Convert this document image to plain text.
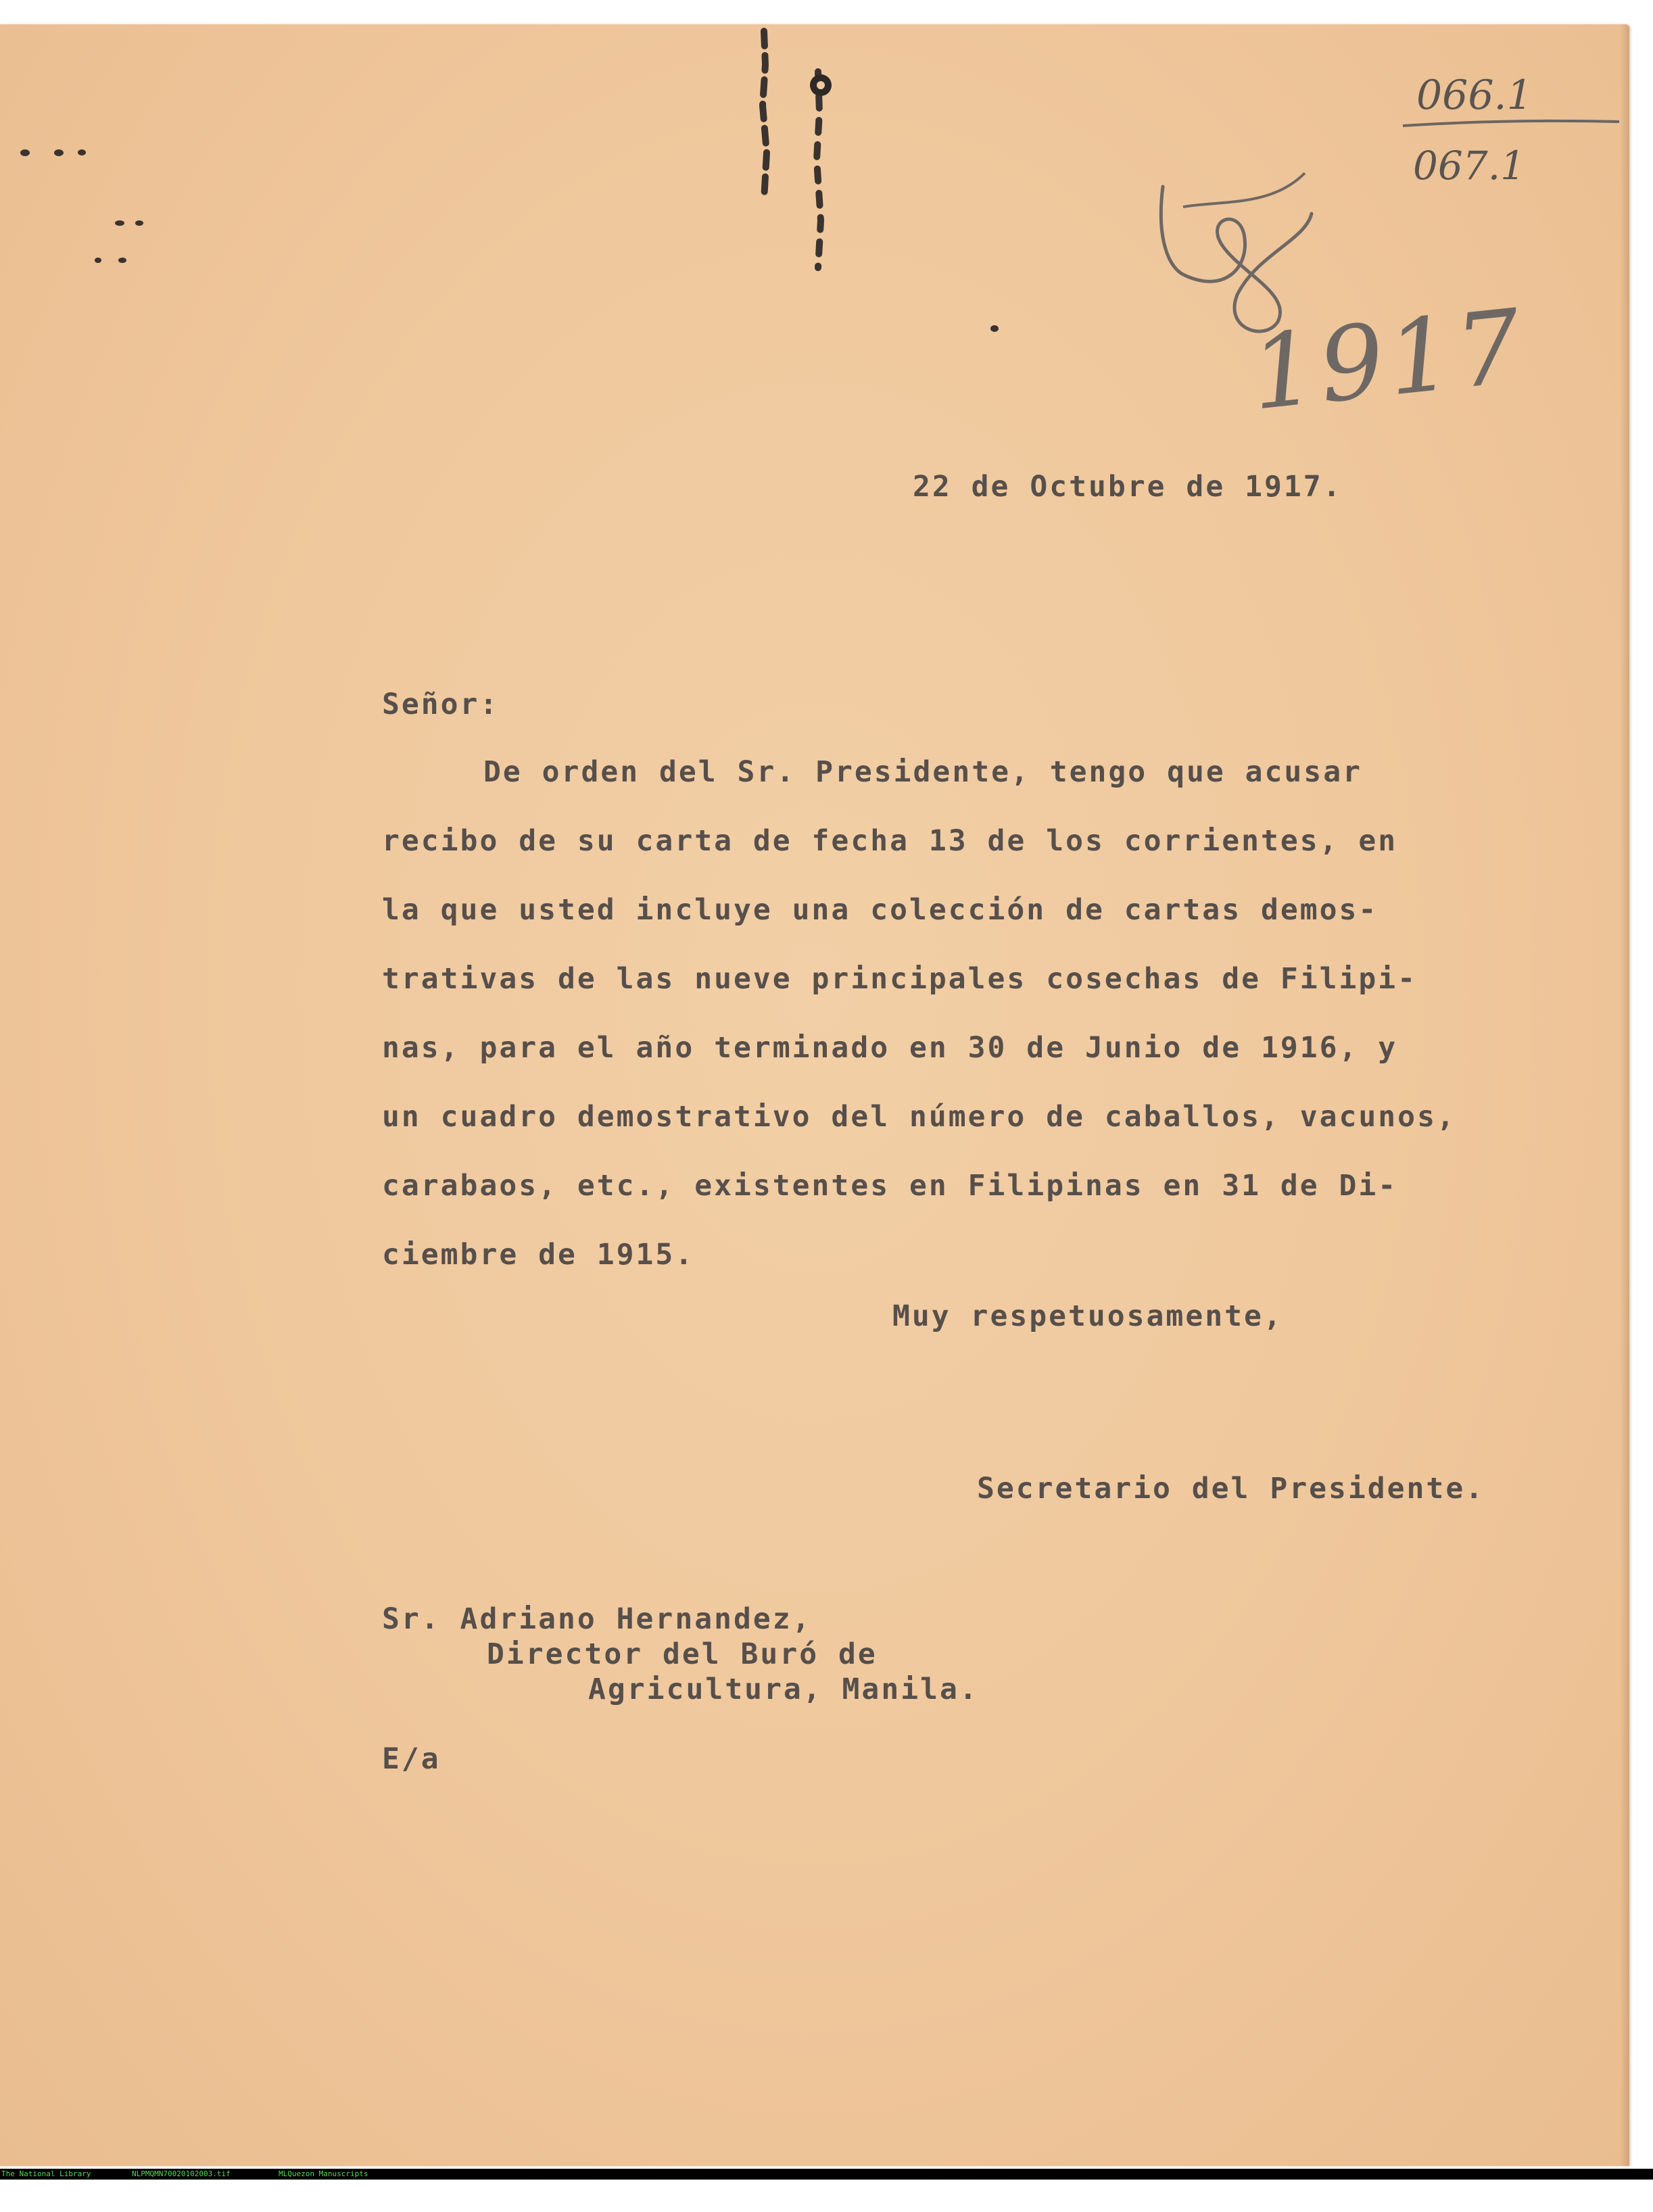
066.1
067.1
1917
22 de Octubre de 1917.
Señor:

De orden del Sr. Presidente, tengo que acusar

recibo de su carta de fecha 13 de los corrientes, en

la que usted incluye una colección de cartas demos-

trativas de las nueve principales cosechas de Filipi-

nas, para el año terminado en 30 de Junio de 1916, y

un cuadro demostrativo del número de caballos, vacunos,

carabaos, etc., existentes en Filipinas en 31 de Di-

ciembre de 1915.

Muy respetuosamente,
Secretario del Presidente.
Sr. Adriano Hernandez,
Director del Buró de
Agricultura, Manila.
E/a

The National Library

	NLPMQMN70020102003.tif

	MLQuezon Manuscripts
